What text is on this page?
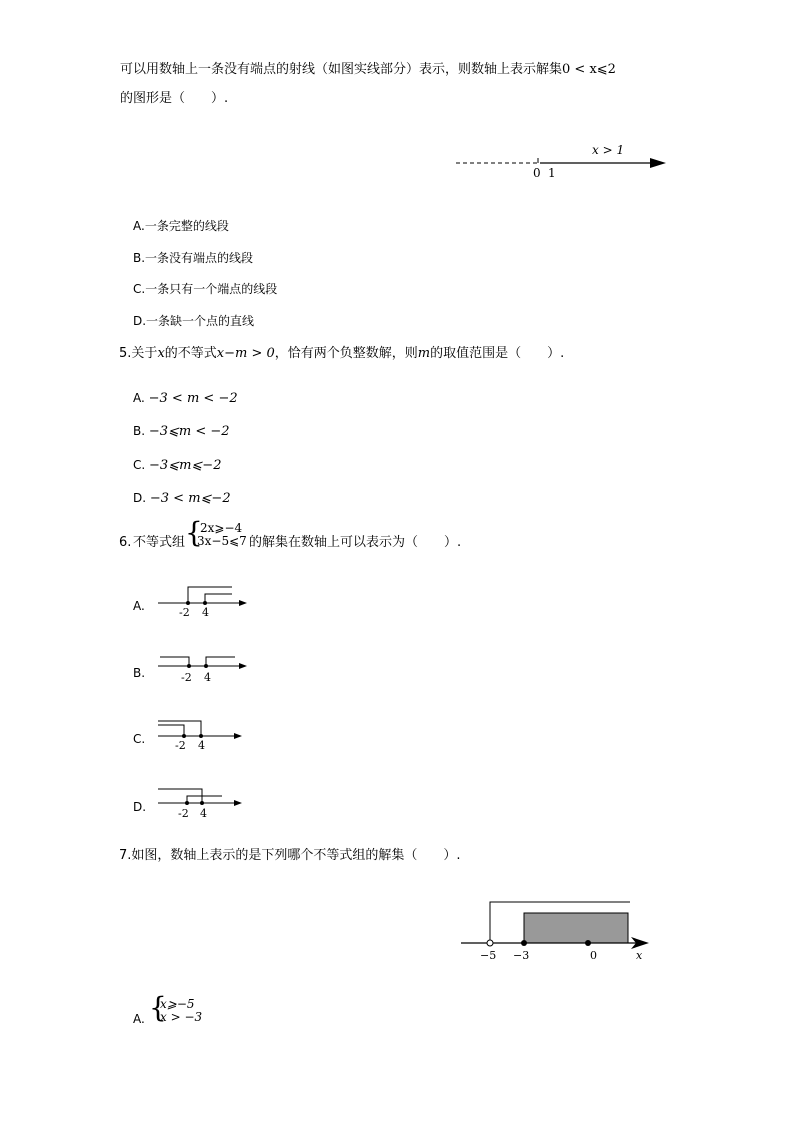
可以用数轴上一条没有端点的射线（如图实线部分）表示，则数轴上表示解集0 < x⩽2
的图形是（　　）.
0 1
x > 1
A.一条完整的线段
B.一条没有端点的线段
C.一条只有一个端点的线段
D.一条缺一个点的直线
5.关于x的不等式x−m > 0，恰有两个负整数解，则m的取值范围是（　　）.
A. −3 < m < −2
B. −3⩽m < −2
C. −3⩽m⩽−2
D. −3 < m⩽−2
6. 不等式组 {
2x⩾−4
3x−5⩽7 的解集在数轴上可以表示为（　　）.
A.	-2 4
B.	-2 4
C.	-2 4
D.	-2 4
7.如图，数轴上表示的是下列哪个不等式组的解集（　　）.
−5 −3	0	x
A. {
x⩾−5
x > −3
